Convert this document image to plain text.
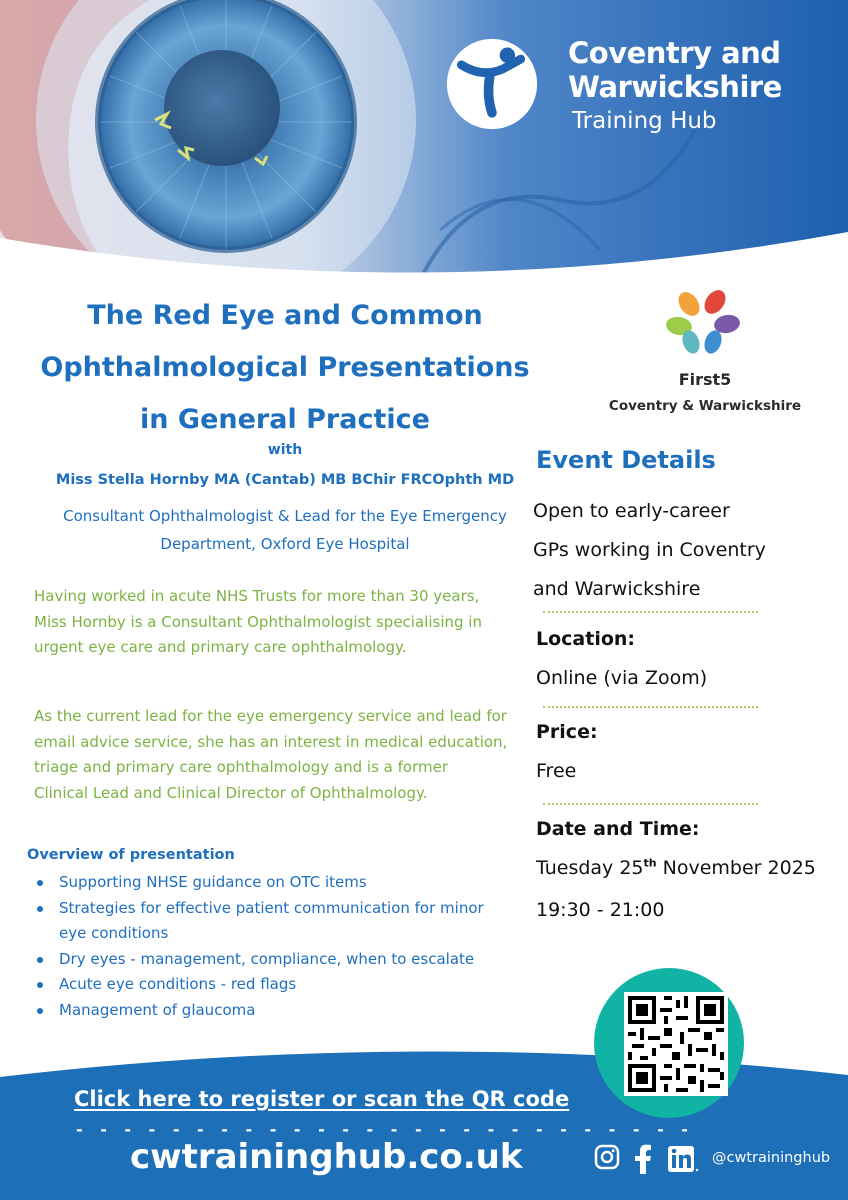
Coventry and
Warwickshire
Training Hub
The Red Eye and Common
Ophthalmological Presentations
in General Practice
with
Miss Stella Hornby MA (Cantab) MB BChir FRCOphth MD
Consultant Ophthalmologist & Lead for the Eye Emergency
Department, Oxford Eye Hospital
Having worked in acute NHS Trusts for more than 30 years,
Miss Hornby is a Consultant Ophthalmologist specialising in
urgent eye care and primary care ophthalmology.
As the current lead for the eye emergency service and lead for
email advice service, she has an interest in medical education,
triage and primary care ophthalmology and is a former
Clinical Lead and Clinical Director of Ophthalmology.
Overview of presentation
Supporting NHSE guidance on OTC items
Strategies for effective patient communication for minor eye conditions
Dry eyes - management, compliance, when to escalate
Acute eye conditions - red flags
Management of glaucoma
First5
Coventry & Warwickshire
Event Details
Open to early-career
GPs working in Coventry
and Warwickshire
Location:
Online (via Zoom)
Price:
Free
Date and Time:
Tuesday 25th November 2025
19:30 - 21:00
Click here to register or scan the QR code
- - - - - - - - - - - - - - - - - - - - - - - - - -
cwtraininghub.co.uk	@cwtraininghub
